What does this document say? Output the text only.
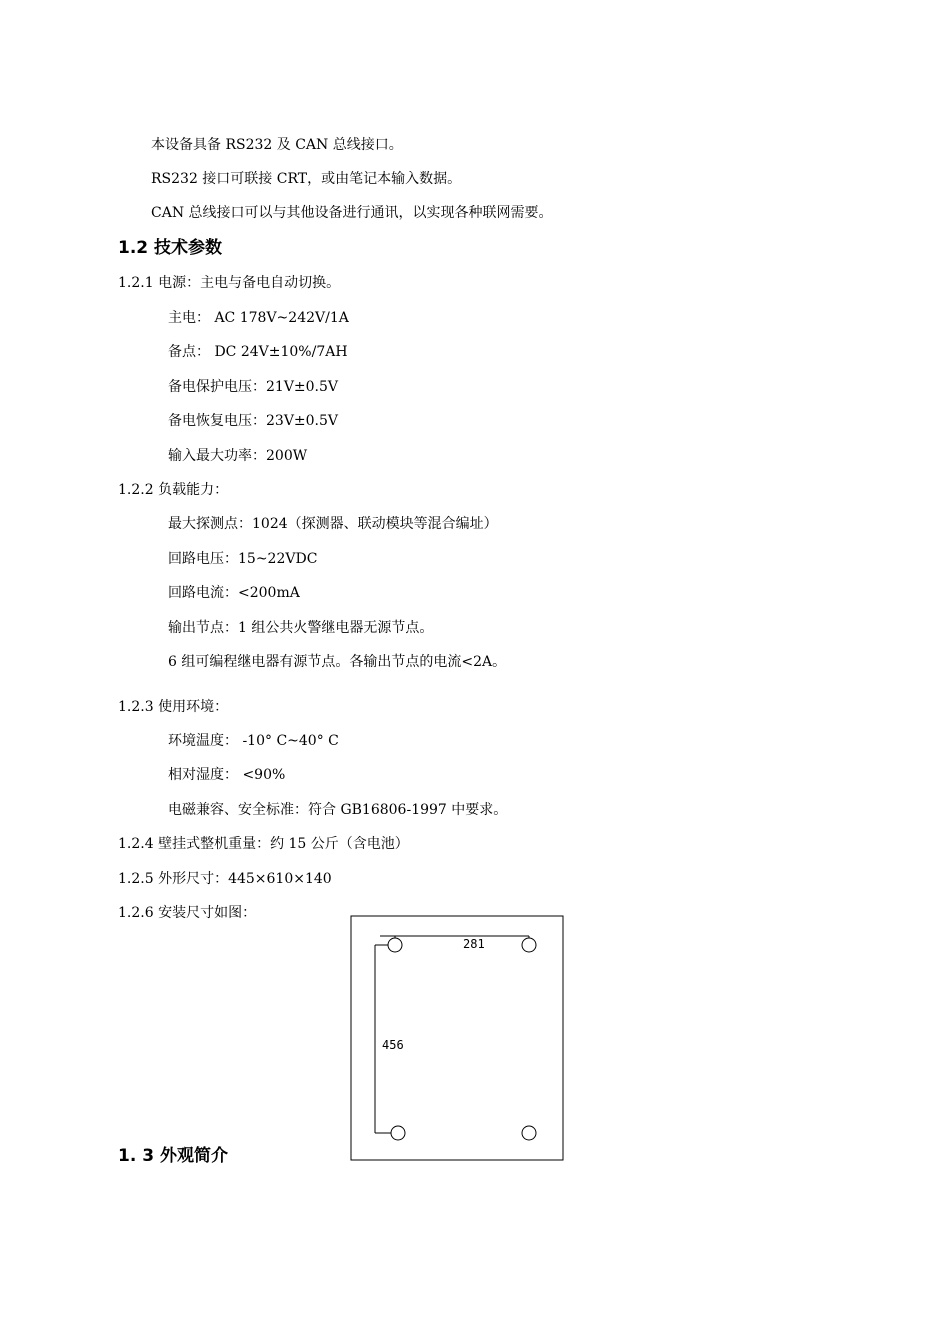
本设备具备 RS232 及 CAN 总线接口。
RS232 接口可联接 CRT，或由笔记本输入数据。
CAN 总线接口可以与其他设备进行通讯，以实现各种联网需要。
1.2 技术参数
1.2.1 电源：主电与备电自动切换。
主电： AC 178V~242V/1A
备点： DC 24V±10%/7AH
备电保护电压：21V±0.5V
备电恢复电压：23V±0.5V
输入最大功率：200W
1.2.2 负载能力：
最大探测点：1024（探测器、联动模块等混合编址）
回路电压：15~22VDC
回路电流：<200mA
输出节点：1 组公共火警继电器无源节点。
6 组可编程继电器有源节点。各输出节点的电流<2A。
1.2.3 使用环境：
环境温度： -10° C~40° C
相对湿度： <90%
电磁兼容、安全标准：符合 GB16806-1997 中要求。
1.2.4 壁挂式整机重量：约 15 公斤（含电池）
1.2.5 外形尺寸：445×610×140
1.2.6 安装尺寸如图：
281
456
1. 3 外观简介
